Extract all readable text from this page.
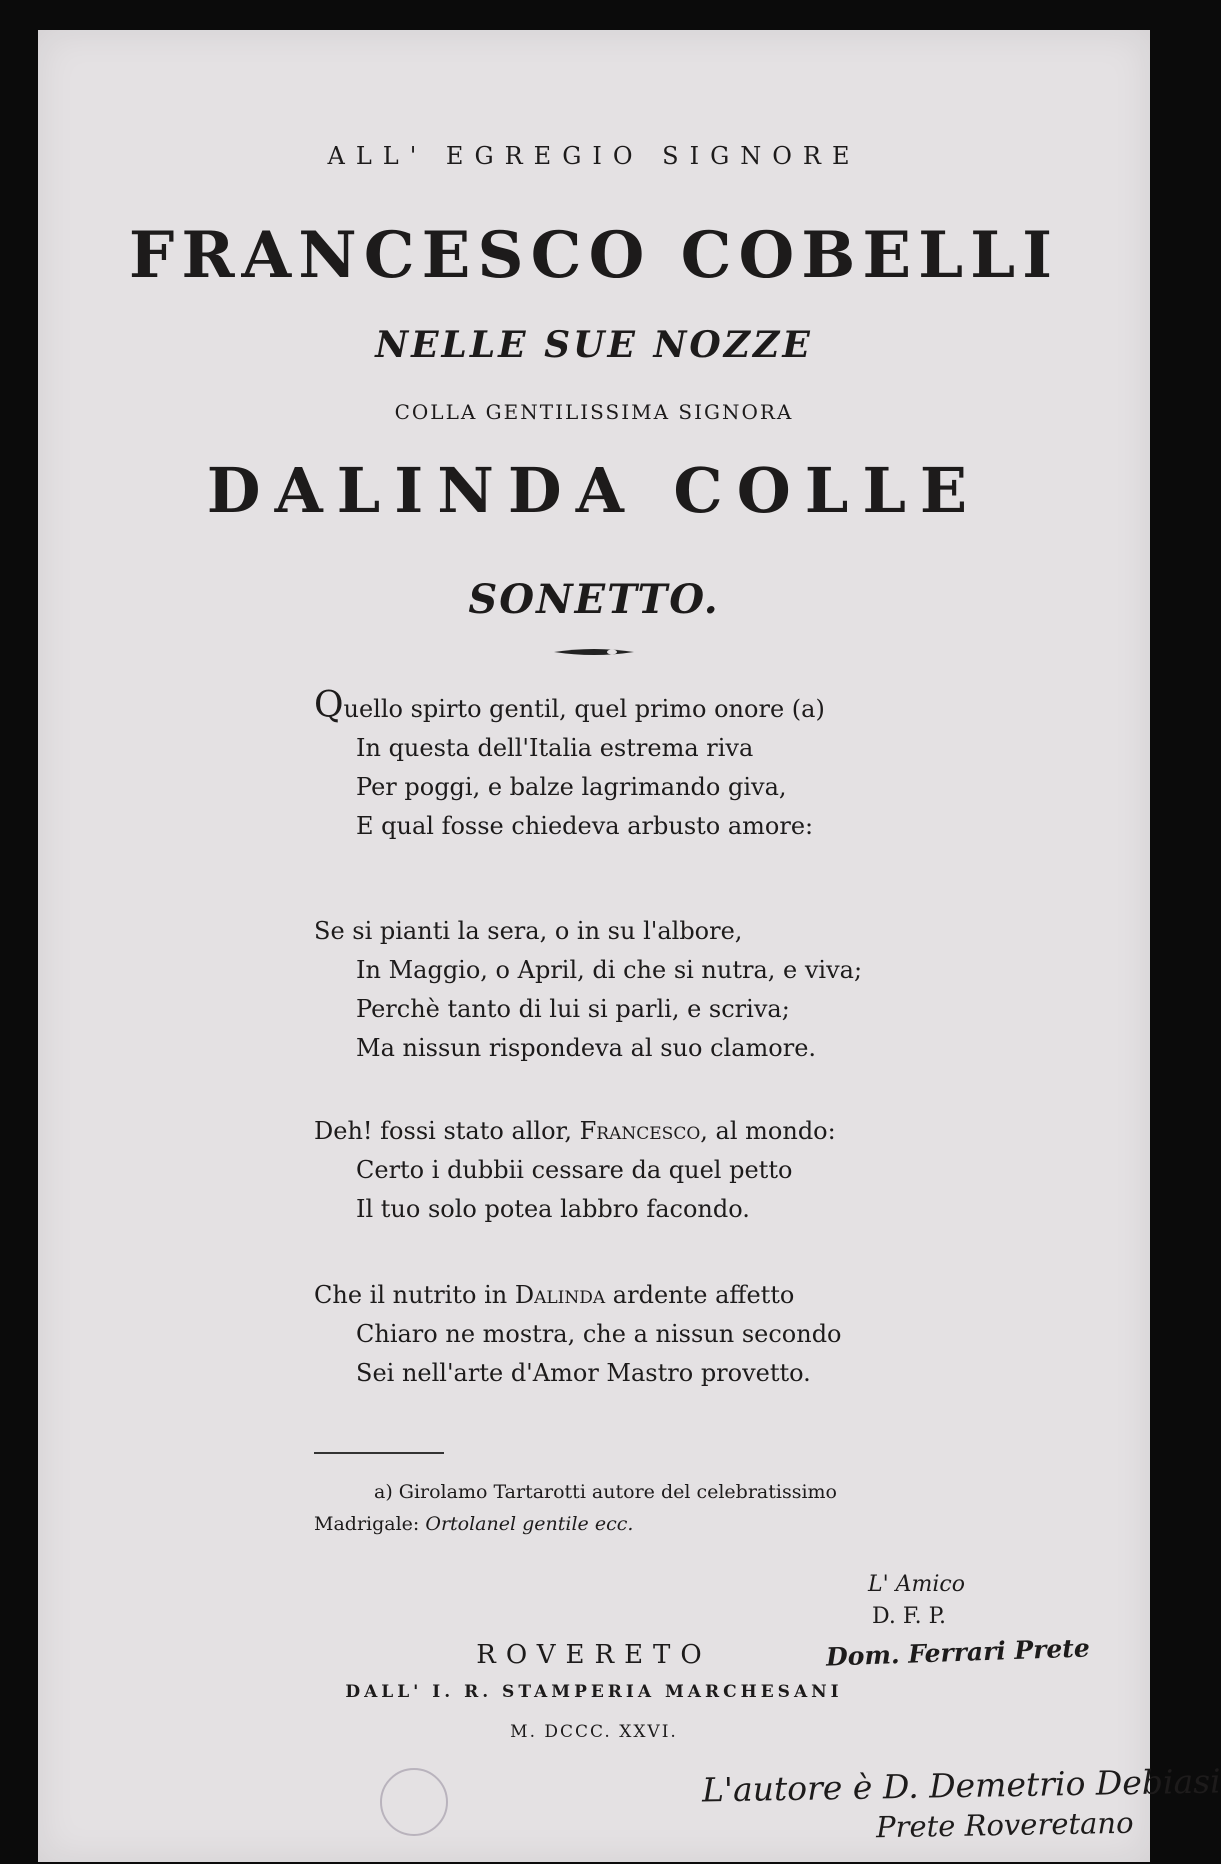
ALL' EGREGIO SIGNORE
FRANCESCO COBELLI
NELLE SUE NOZZE
COLLA GENTILISSIMA SIGNORA
DALINDA COLLE
SONETTO.
Quello spirto gentil, quel primo onore (a)
In questa dell'Italia estrema riva
Per poggi, e balze lagrimando giva,
E qual fosse chiedeva arbusto amore:
Se si pianti la sera, o in su l'albore,
In Maggio, o April, di che si nutra, e viva;
Perchè tanto di lui si parli, e scriva;
Ma nissun rispondeva al suo clamore.
Deh! fossi stato allor, Francesco, al mondo:
Certo i dubbii cessare da quel petto
Il tuo solo potea labbro facondo.
Che il nutrito in Dalinda ardente affetto
Chiaro ne mostra, che a nissun secondo
Sei nell'arte d'Amor Mastro provetto.
a) Girolamo Tartarotti autore del celebratissimo Madrigale: Ortolanel gentile ecc.
L' Amico
D. F. P.
Dom. Ferrari Prete
ROVERETO
DALL' I. R. STAMPERIA MARCHESANI
M. DCCC. XXVI.
L'autore è D. Demetrio Debiasi
Prete Roveretano
